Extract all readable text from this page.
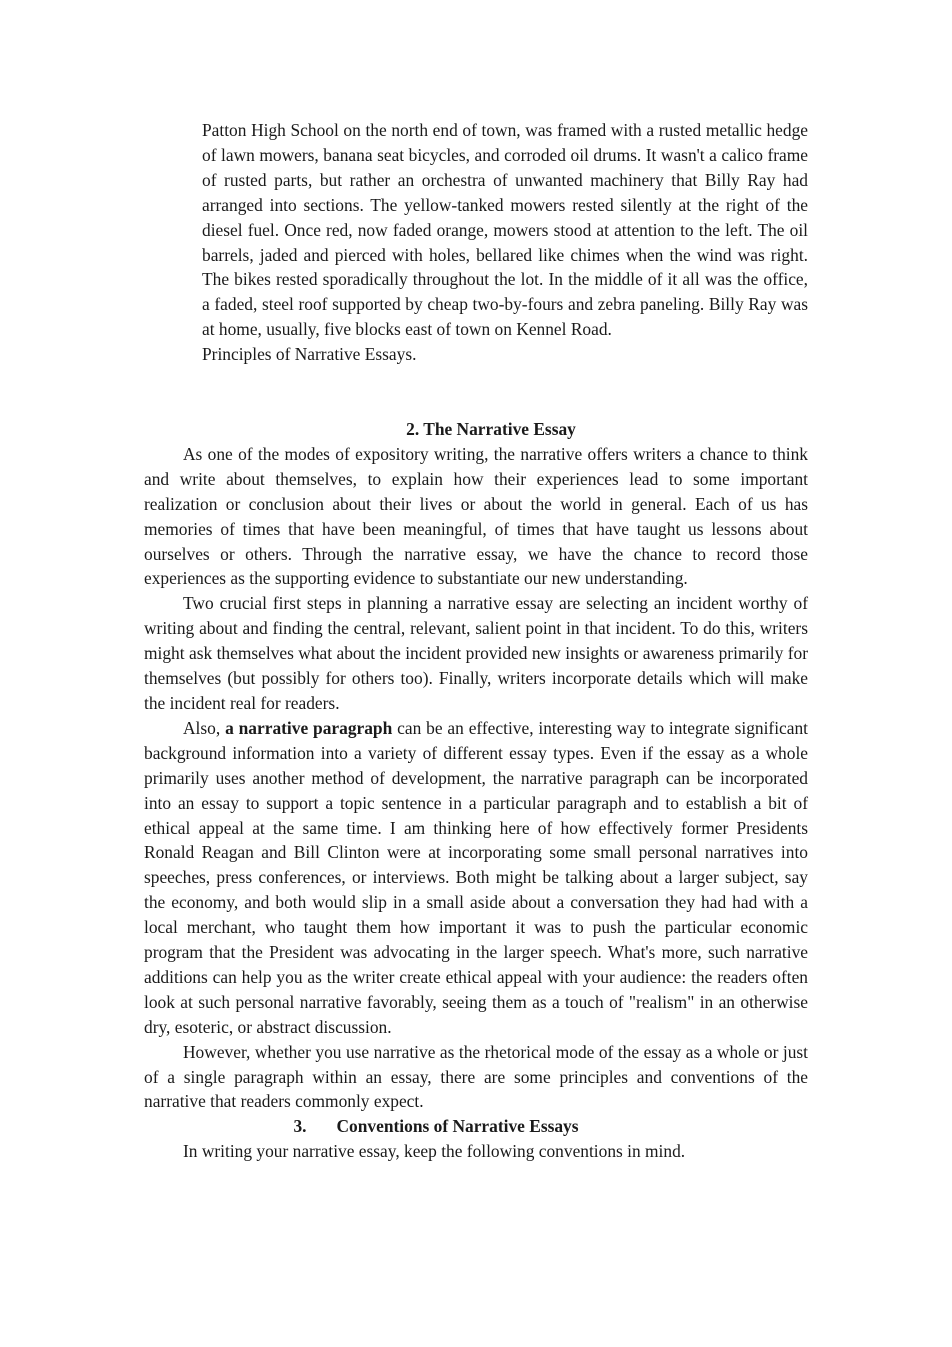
Patton High School on the north end of town, was framed with a rusted metallic hedge of lawn mowers, banana seat bicycles, and corroded oil drums. It wasn't a calico frame of rusted parts, but rather an orchestra of unwanted machinery that Billy Ray had arranged into sections. The yellow-tanked mowers rested silently at the right of the diesel fuel. Once red, now faded orange, mowers stood at attention to the left. The oil barrels, jaded and pierced with holes, bellared like chimes when the wind was right. The bikes rested sporadically throughout the lot. In the middle of it all was the office, a faded, steel roof supported by cheap two-by-fours and zebra paneling. Billy Ray was at home, usually, five blocks east of town on Kennel Road.

Principles of Narrative Essays.

2. The Narrative Essay

As one of the modes of expository writing, the narrative offers writers a chance to think and write about themselves, to explain how their experiences lead to some important realization or conclusion about their lives or about the world in general. Each of us has memories of times that have been meaningful, of times that have taught us lessons about ourselves or others. Through the narrative essay, we have the chance to record those experiences as the supporting evidence to substantiate our new understanding.

Two crucial first steps in planning a narrative essay are selecting an incident worthy of writing about and finding the central, relevant, salient point in that incident. To do this, writers might ask themselves what about the incident provided new insights or awareness primarily for themselves (but possibly for others too). Finally, writers incorporate details which will make the incident real for readers.

Also, a narrative paragraph can be an effective, interesting way to integrate significant background information into a variety of different essay types. Even if the essay as a whole primarily uses another method of development, the narrative paragraph can be incorporated into an essay to support a topic sentence in a particular paragraph and to establish a bit of ethical appeal at the same time. I am thinking here of how effectively former Presidents Ronald Reagan and Bill Clinton were at incorporating some small personal narratives into speeches, press conferences, or interviews. Both might be talking about a larger subject, say the economy, and both would slip in a small aside about a conversation they had had with a local merchant, who taught them how important it was to push the particular economic program that the President was advocating in the larger speech. What's more, such narrative additions can help you as the writer create ethical appeal with your audience: the readers often look at such personal narrative favorably, seeing them as a touch of "realism" in an otherwise dry, esoteric, or abstract discussion.

However, whether you use narrative as the rhetorical mode of the essay as a whole or just of a single paragraph within an essay, there are some principles and conventions of the narrative that readers commonly expect.

3. Conventions of Narrative Essays

In writing your narrative essay, keep the following conventions in mind.
